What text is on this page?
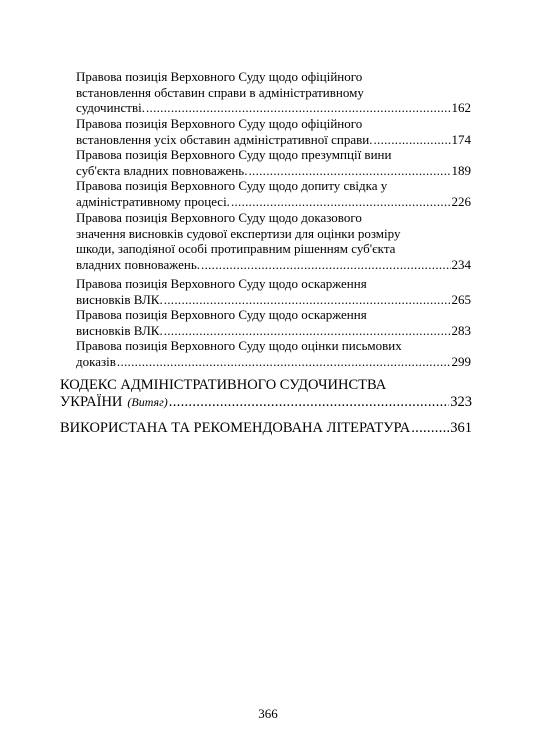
Правова позиція Верховного Суду щодо офіційного
встановлення обставин справи в адміністративному
судочинстві. .....	162
Правова позиція Верховного Суду щодо офіційного
встановлення усіх обставин адміністративної справи. .....	174
Правова позиція Верховного Суду щодо презумпції вини
суб'єкта владних повноважень. .....	189
Правова позиція Верховного Суду щодо допиту свідка у
адміністративному процесі. .....	226
Правова позиція Верховного Суду щодо доказового
значення висновків судової експертизи для оцінки розміру
шкоди, заподіяної особі протиправним рішенням суб'єкта
владних повноважень. .....	234
Правова позиція Верховного Суду щодо оскарження
висновків ВЛК. .....	265
Правова позиція Верховного Суду щодо оскарження
висновків ВЛК. .....	283
Правова позиція Верховного Суду щодо оцінки письмових
доказів .....	299
КОДЕКС АДМІНІСТРАТИВНОГО СУДОЧИНСТВА
УКРАЇНИ (Витяг) .....	323
ВИКОРИСТАНА ТА РЕКОМЕНДОВАНА ЛІТЕРАТУРА .....	361
366
